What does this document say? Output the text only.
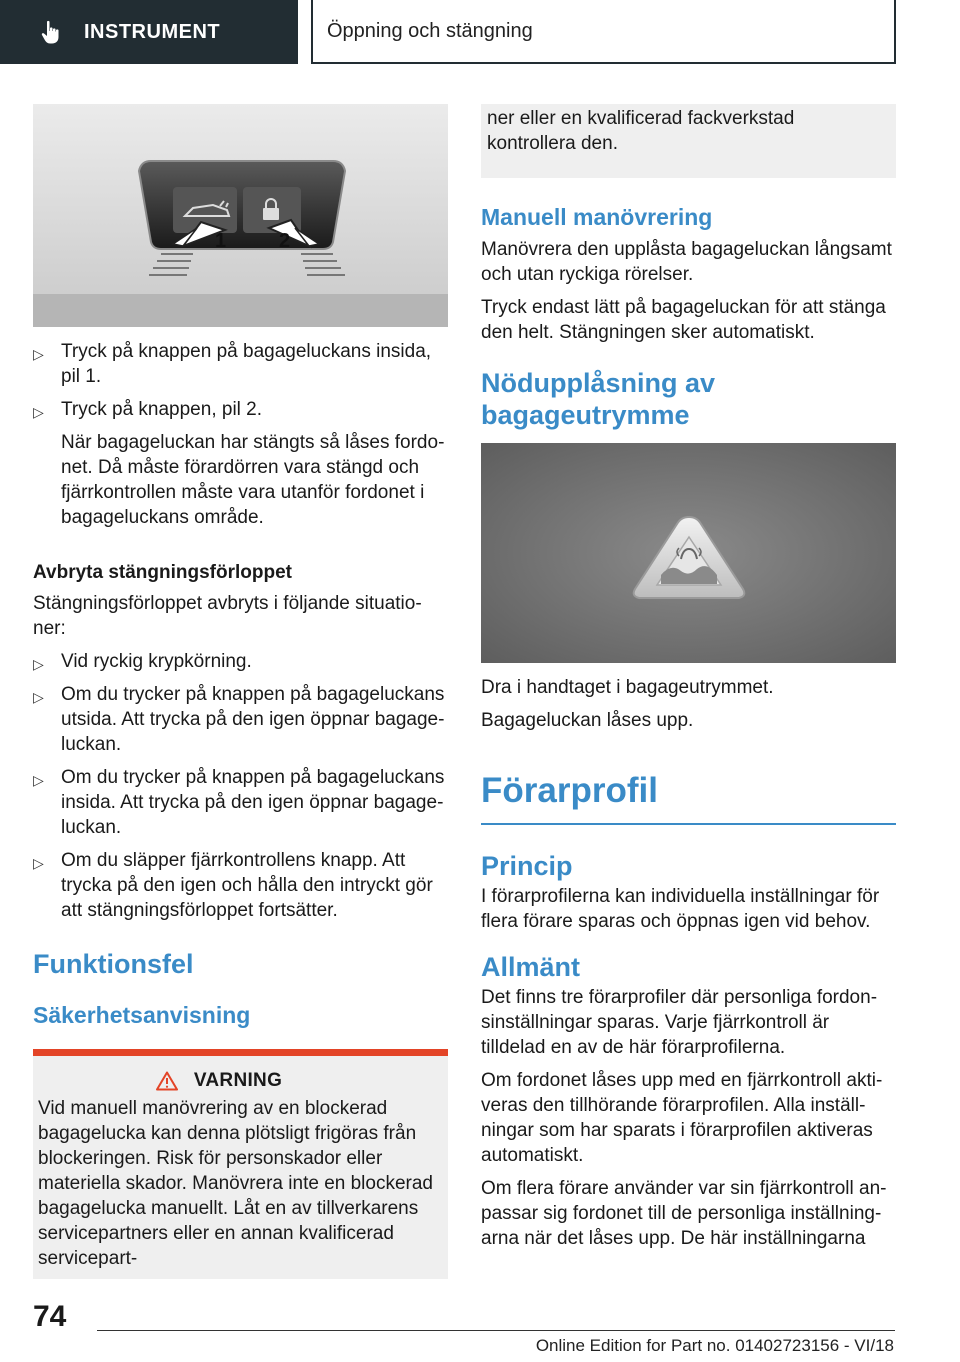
INSTRUMENT	Öppning och stängning
1	2
▷ Tryck på knappen på bagageluckans insida, pil 1.
▷ Tryck på knappen, pil 2.
När bagageluckan har stängts så låses fordonet. Då måste förardörren vara stängd och fjärrkontrollen måste vara utanför fordonet i bagageluckans område.
Avbryta stängningsförloppet
Stängningsförloppet avbryts i följande situationer:
▷ Vid ryckig krypkörning.
▷ Om du trycker på knappen på bagageluckans utsida. Att trycka på den igen öppnar bagageluckan.
▷ Om du trycker på knappen på bagageluckans insida. Att trycka på den igen öppnar bagageluckan.
▷ Om du släpper fjärrkontrollens knapp. Att trycka på den igen och hålla den intryckt gör att stängningsförloppet fortsätter.
Funktionsfel
Säkerhetsanvisning
VARNING
Vid manuell manövrering av en blockerad bagagelucka kan denna plötsligt frigöras från blockeringen. Risk för personskador eller materiella skador. Manövrera inte en blockerad bagagelucka manuellt. Låt en av tillverkarens servicepartners eller en annan kvalificerad servicepart-
ner eller en kvalificerad fackverkstad kontrollera den.
Manuell manövrering
Manövrera den upplåsta bagageluckan långsamt och utan ryckiga rörelser.
Tryck endast lätt på bagageluckan för att stänga den helt. Stängningen sker automatiskt.
Nödupplåsning av bagageutrymme
Dra i handtaget i bagageutrymmet.
Bagageluckan låses upp.
Förarprofil
Princip
I förarprofilerna kan individuella inställningar för flera förare sparas och öppnas igen vid behov.
Allmänt
Det finns tre förarprofiler där personliga fordonsinställningar sparas. Varje fjärrkontroll är tilldelad en av de här förarprofilerna.
Om fordonet låses upp med en fjärrkontroll aktiveras den tillhörande förarprofilen. Alla inställningar som har sparats i förarprofilen aktiveras automatiskt.
Om flera förare använder var sin fjärrkontroll anpassar sig fordonet till de personliga inställningarna när det låses upp. De här inställningarna
74
Online Edition for Part no. 01402723156 - VI/18
